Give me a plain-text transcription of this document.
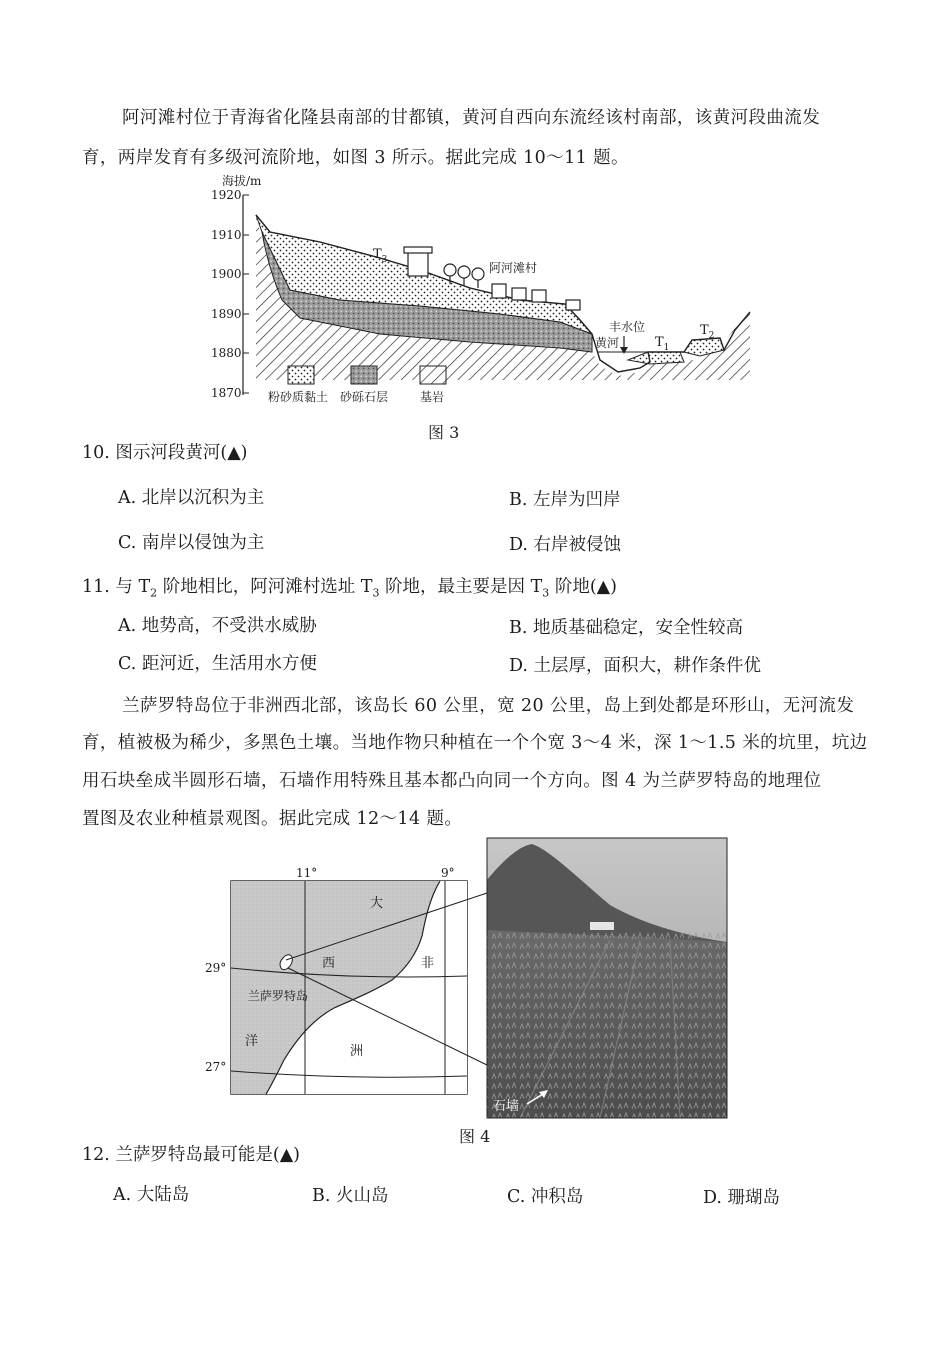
阿河滩村位于青海省化隆县南部的甘都镇，黄河自西向东流经该村南部，该黄河段曲流发
育，两岸发育有多级河流阶地，如图 3 所示。据此完成 10～11 题。
海拔/m
1920
1910
1900
1890
1880
1870
$T_3$
阿河滩村
丰水位
黄河	$T_1$
$T_2$
粉砂质黏土 砂砾石层	基岩
图 3
10. 图示河段黄河(▲)
A. 北岸以沉积为主	B. 左岸为凹岸
C. 南岸以侵蚀为主	D. 右岸被侵蚀
11. 与 $T_2$ 阶地相比，阿河滩村选址 $T_3$ 阶地，最主要是因 $T_3$ 阶地(▲)
A. 地势高，不受洪水威胁	B. 地质基础稳定，安全性较高
C. 距河近，生活用水方便	D. 土层厚，面积大，耕作条件优
兰萨罗特岛位于非洲西北部，该岛长 60 公里，宽 20 公里，岛上到处都是环形山，无河流发
育，植被极为稀少，多黑色土壤。当地作物只种植在一个个宽 3～4 米，深 1～1.5 米的坑里，坑边
用石块垒成半圆形石墙，石墙作用特殊且基本都凸向同一个方向。图 4 为兰萨罗特岛的地理位
置图及农业种植景观图。据此完成 12～14 题。
11°	9°
29°
27°
大
西	非
兰萨罗特岛
洋
洲
石墙
图 4
12. 兰萨罗特岛最可能是(▲)
A. 大陆岛	B. 火山岛	C. 冲积岛	D. 珊瑚岛
